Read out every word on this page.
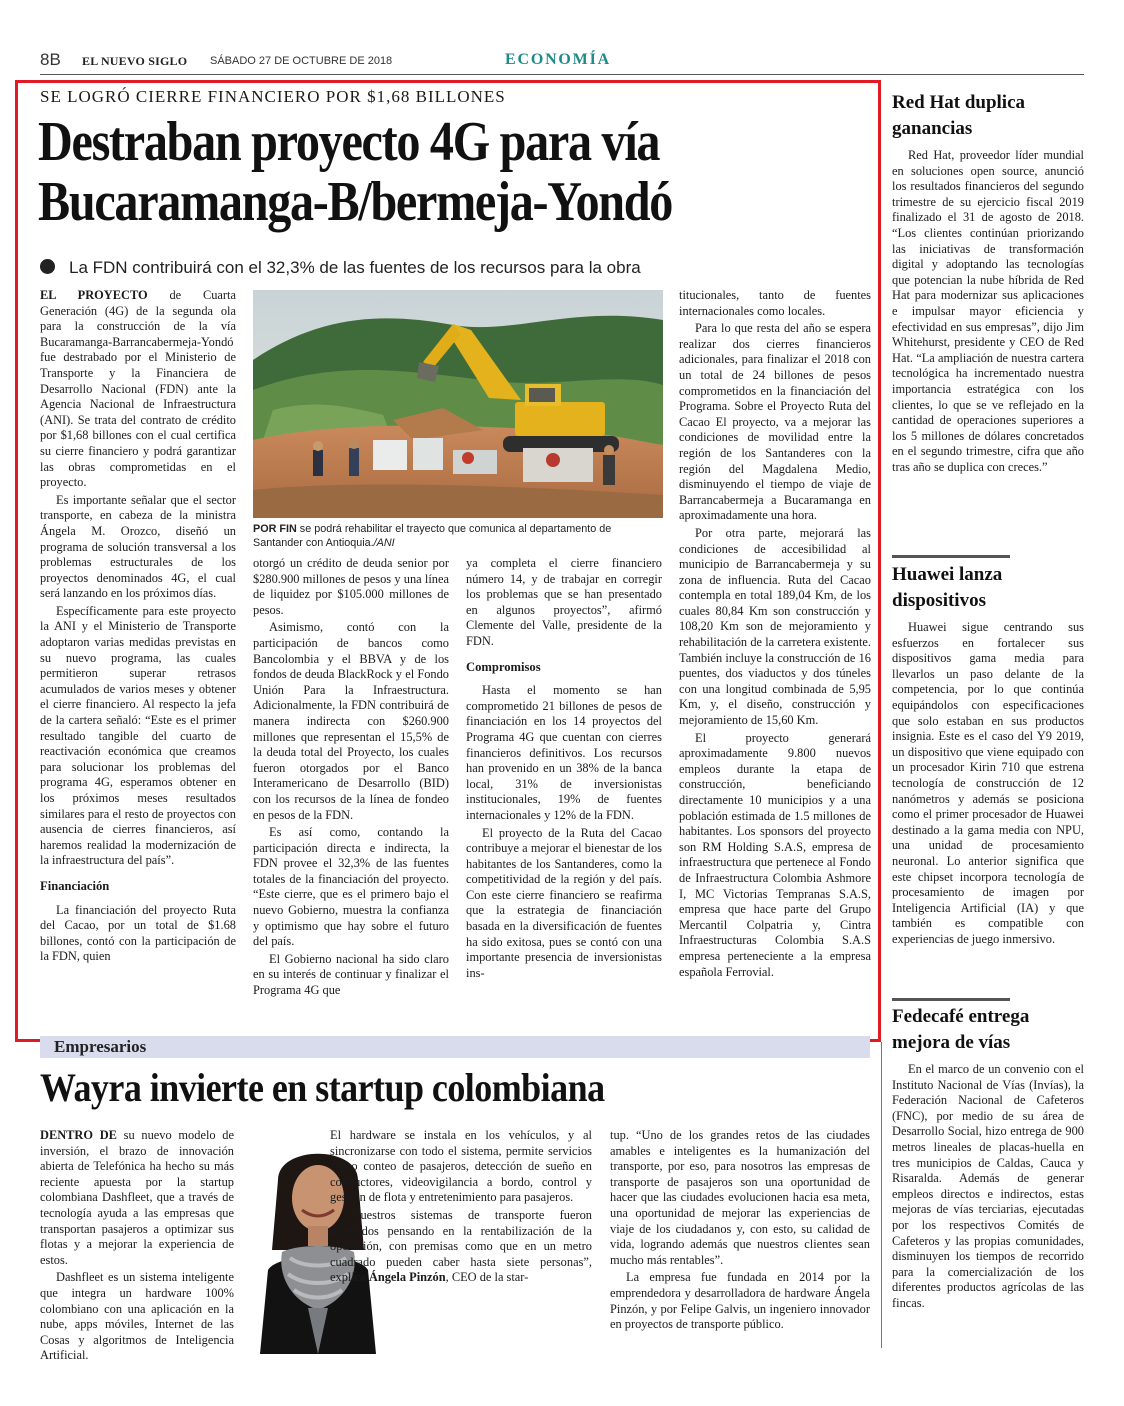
8B EL NUEVO SIGLO SÁBADO 27 DE OCTUBRE DE 2018	ECONOMÍA
SE LOGRÓ CIERRE FINANCIERO POR $1,68 BILLONES
Destraban proyecto 4G para vía
Bucaramanga-B/bermeja-Yondó
La FDN contribuirá con el 32,3% de las fuentes de los recursos para la obra

EL PROYECTO de Cuarta Generación (4G) de la segunda ola para la construcción de la vía Bucaramanga-Barrancabermeja-Yondó fue destrabado por el Ministerio de Transporte y la Financiera de Desarrollo Nacional (FDN) ante la Agencia Nacional de Infraestructura (ANI). Se trata del contrato de crédito por $1,68 billones con el cual certifica su cierre financiero y podrá garantizar las obras comprometidas en el proyecto.

Es importante señalar que el sector transporte, en cabeza de la ministra Ángela M. Orozco, diseñó un programa de solución transversal a los problemas estructurales de los proyectos denominados 4G, el cual será lanzando en los próximos días.

Específicamente para este proyecto la ANI y el Ministerio de Transporte adoptaron varias medidas previstas en su nuevo programa, las cuales permitieron superar retrasos acumulados de varios meses y obtener el cierre financiero. Al respecto la jefa de la cartera señaló: “Este es el primer resultado tangible del cuarto de reactivación económica que creamos para solucionar los problemas del programa 4G, esperamos obtener en los próximos meses resultados similares para el resto de proyectos con ausencia de cierres financieros, así haremos realidad la modernización de la infraestructura del país”.

Financiación

La financiación del proyecto Ruta del Cacao, por un total de $1.68 billones, contó con la participación de la FDN, quien

POR FIN se podrá rehabilitar el trayecto que comunica al departamento de Santander con Antioquia./ANI

otorgó un crédito de deuda senior por $280.900 millones de pesos y una línea de liquidez por $105.000 millones de pesos.

Asimismo, contó con la participación de bancos como Bancolombia y el BBVA y de los fondos de deuda BlackRock y el Fondo Unión Para la Infraestructura. Adicionalmente, la FDN contribuirá de manera indirecta con $260.900 millones que representan el 15,5% de la deuda total del Proyecto, los cuales fueron otorgados por el Banco Interamericano de Desarrollo (BID) con los recursos de la línea de fondeo en pesos de la FDN.

Es así como, contando la participación directa e indirecta, la FDN provee el 32,3% de las fuentes totales de la financiación del proyecto. “Este cierre, que es el primero bajo el nuevo Gobierno, muestra la confianza y optimismo que hay sobre el futuro del país.

El Gobierno nacional ha sido claro en su interés de continuar y finalizar el Programa 4G que

ya completa el cierre financiero número 14, y de trabajar en corregir los problemas que se han presentado en algunos proyectos”, afirmó Clemente del Valle, presidente de la FDN.

Compromisos

Hasta el momento se han comprometido 21 billones de pesos de financiación en los 14 proyectos del Programa 4G que cuentan con cierres financieros definitivos. Los recursos han provenido en un 38% de la banca local, 31% de inversionistas institucionales, 19% de fuentes internacionales y 12% de la FDN.

El proyecto de la Ruta del Cacao contribuye a mejorar el bienestar de los habitantes de los Santanderes, como la competitividad de la región y del país. Con este cierre financiero se reafirma que la estrategia de financiación basada en la diversificación de fuentes ha sido exitosa, pues se contó con una importante presencia de inversionistas ins-

titucionales, tanto de fuentes internacionales como locales.

Para lo que resta del año se espera realizar dos cierres financieros adicionales, para finalizar el 2018 con un total de 24 billones de pesos comprometidos en la financiación del Programa. Sobre el Proyecto Ruta del Cacao El proyecto, va a mejorar las condiciones de movilidad entre la región de los Santanderes con la región del Magdalena Medio, disminuyendo el tiempo de viaje de Barrancabermeja a Bucaramanga en aproximadamente una hora.

Por otra parte, mejorará las condiciones de accesibilidad al municipio de Barrancabermeja y su zona de influencia. Ruta del Cacao contempla en total 189,04 Km, de los cuales 80,84 Km son construcción y 108,20 Km son de mejoramiento y rehabilitación de la carretera existente. También incluye la construcción de 16 puentes, dos viaductos y dos túneles con una longitud combinada de 5,95 Km, y, el diseño, construcción y mejoramiento de 15,60 Km.

El proyecto generará aproximadamente 9.800 nuevos empleos durante la etapa de construcción, beneficiando directamente 10 municipios y a una población estimada de 1.5 millones de habitantes. Los sponsors del proyecto son RM Holding S.A.S, empresa de infraestructura que pertenece al Fondo de Infraestructura Colombia Ashmore I, MC Victorias Tempranas S.A.S, empresa que hace parte del Grupo Mercantil Colpatria y, Cintra Infraestructuras Colombia S.A.S empresa perteneciente a la empresa española Ferrovial.

Red Hat duplica ganancias

Red Hat, proveedor líder mundial en soluciones open source, anunció los resultados financieros del segundo trimestre de su ejercicio fiscal 2019 finalizado el 31 de agosto de 2018. “Los clientes continúan priorizando las iniciativas de transformación digital y adoptando las tecnologías que potencian la nube híbrida de Red Hat para modernizar sus aplicaciones e impulsar mayor eficiencia y efectividad en sus empresas”, dijo Jim Whitehurst, presidente y CEO de Red Hat. “La ampliación de nuestra cartera tecnológica ha incrementado nuestra importancia estratégica con los clientes, lo que se ve reflejado en la cantidad de operaciones superiores a los 5 millones de dólares concretados en el segundo trimestre, cifra que año tras año se duplica con creces.”

Huawei lanza dispositivos

Huawei sigue centrando sus esfuerzos en fortalecer sus dispositivos gama media para llevarlos un paso delante de la competencia, por lo que continúa equipándolos con especificaciones que solo estaban en sus productos insignia. Este es el caso del Y9 2019, un dispositivo que viene equipado con un procesador Kirin 710 que estrena tecnología de construcción de 12 nanómetros y además se posiciona como el primer procesador de Huawei destinado a la gama media con NPU, una unidad de procesamiento neuronal. Lo anterior significa que este chipset incorpora tecnología de procesamiento de imagen por Inteligencia Artificial (IA) y que también es compatible con experiencias de juego inmersivo.

Fedecafé entrega mejora de vías

En el marco de un convenio con el Instituto Nacional de Vías (Invías), la Federación Nacional de Cafeteros (FNC), por medio de su área de Desarrollo Social, hizo entrega de 900 metros lineales de placas-huella en tres municipios de Caldas, Cauca y Risaralda. Además de generar empleos directos e indirectos, estas mejoras de vías terciarias, ejecutadas por los respectivos Comités de Cafeteros y las propias comunidades, disminuyen los tiempos de recorrido para la comercialización de los diferentes productos agrícolas de las fincas.

Empresarios
Wayra invierte en startup colombiana

DENTRO DE su nuevo modelo de inversión, el brazo de innovación abierta de Telefónica ha hecho su más reciente apuesta por la startup colombiana Dashfleet, que a través de tecnología ayuda a las empresas que transportan pasajeros a optimizar sus flotas y a mejorar la experiencia de estos.

Dashfleet es un sistema inteligente que integra un hardware 100% colombiano con una aplicación en la nube, apps móviles, Internet de las Cosas y algoritmos de Inteligencia Artificial.

El hardware se instala en los vehículos, y al sincronizarse con todo el sistema, permite servicios como conteo de pasajeros, detección de sueño en conductores, videovigilancia a bordo, control y gestión de flota y entretenimiento para pasajeros.

“Nuestros sistemas de transporte fueron diseñados pensando en la rentabilización de la operación, con premisas como que en un metro cuadrado pueden caber hasta siete personas”, explica Ángela Pinzón, CEO de la star-

tup. “Uno de los grandes retos de las ciudades amables e inteligentes es la humanización del transporte, por eso, para nosotros las empresas de transporte de pasajeros son una oportunidad de hacer que las ciudades evolucionen hacia esa meta, una oportunidad de mejorar las experiencias de viaje de los ciudadanos y, con esto, su calidad de vida, logrando además que nuestros clientes sean mucho más rentables”.

La empresa fue fundada en 2014 por la emprendedora y desarrolladora de hardware Ángela Pinzón, y por Felipe Galvis, un ingeniero innovador en proyectos de transporte público.
